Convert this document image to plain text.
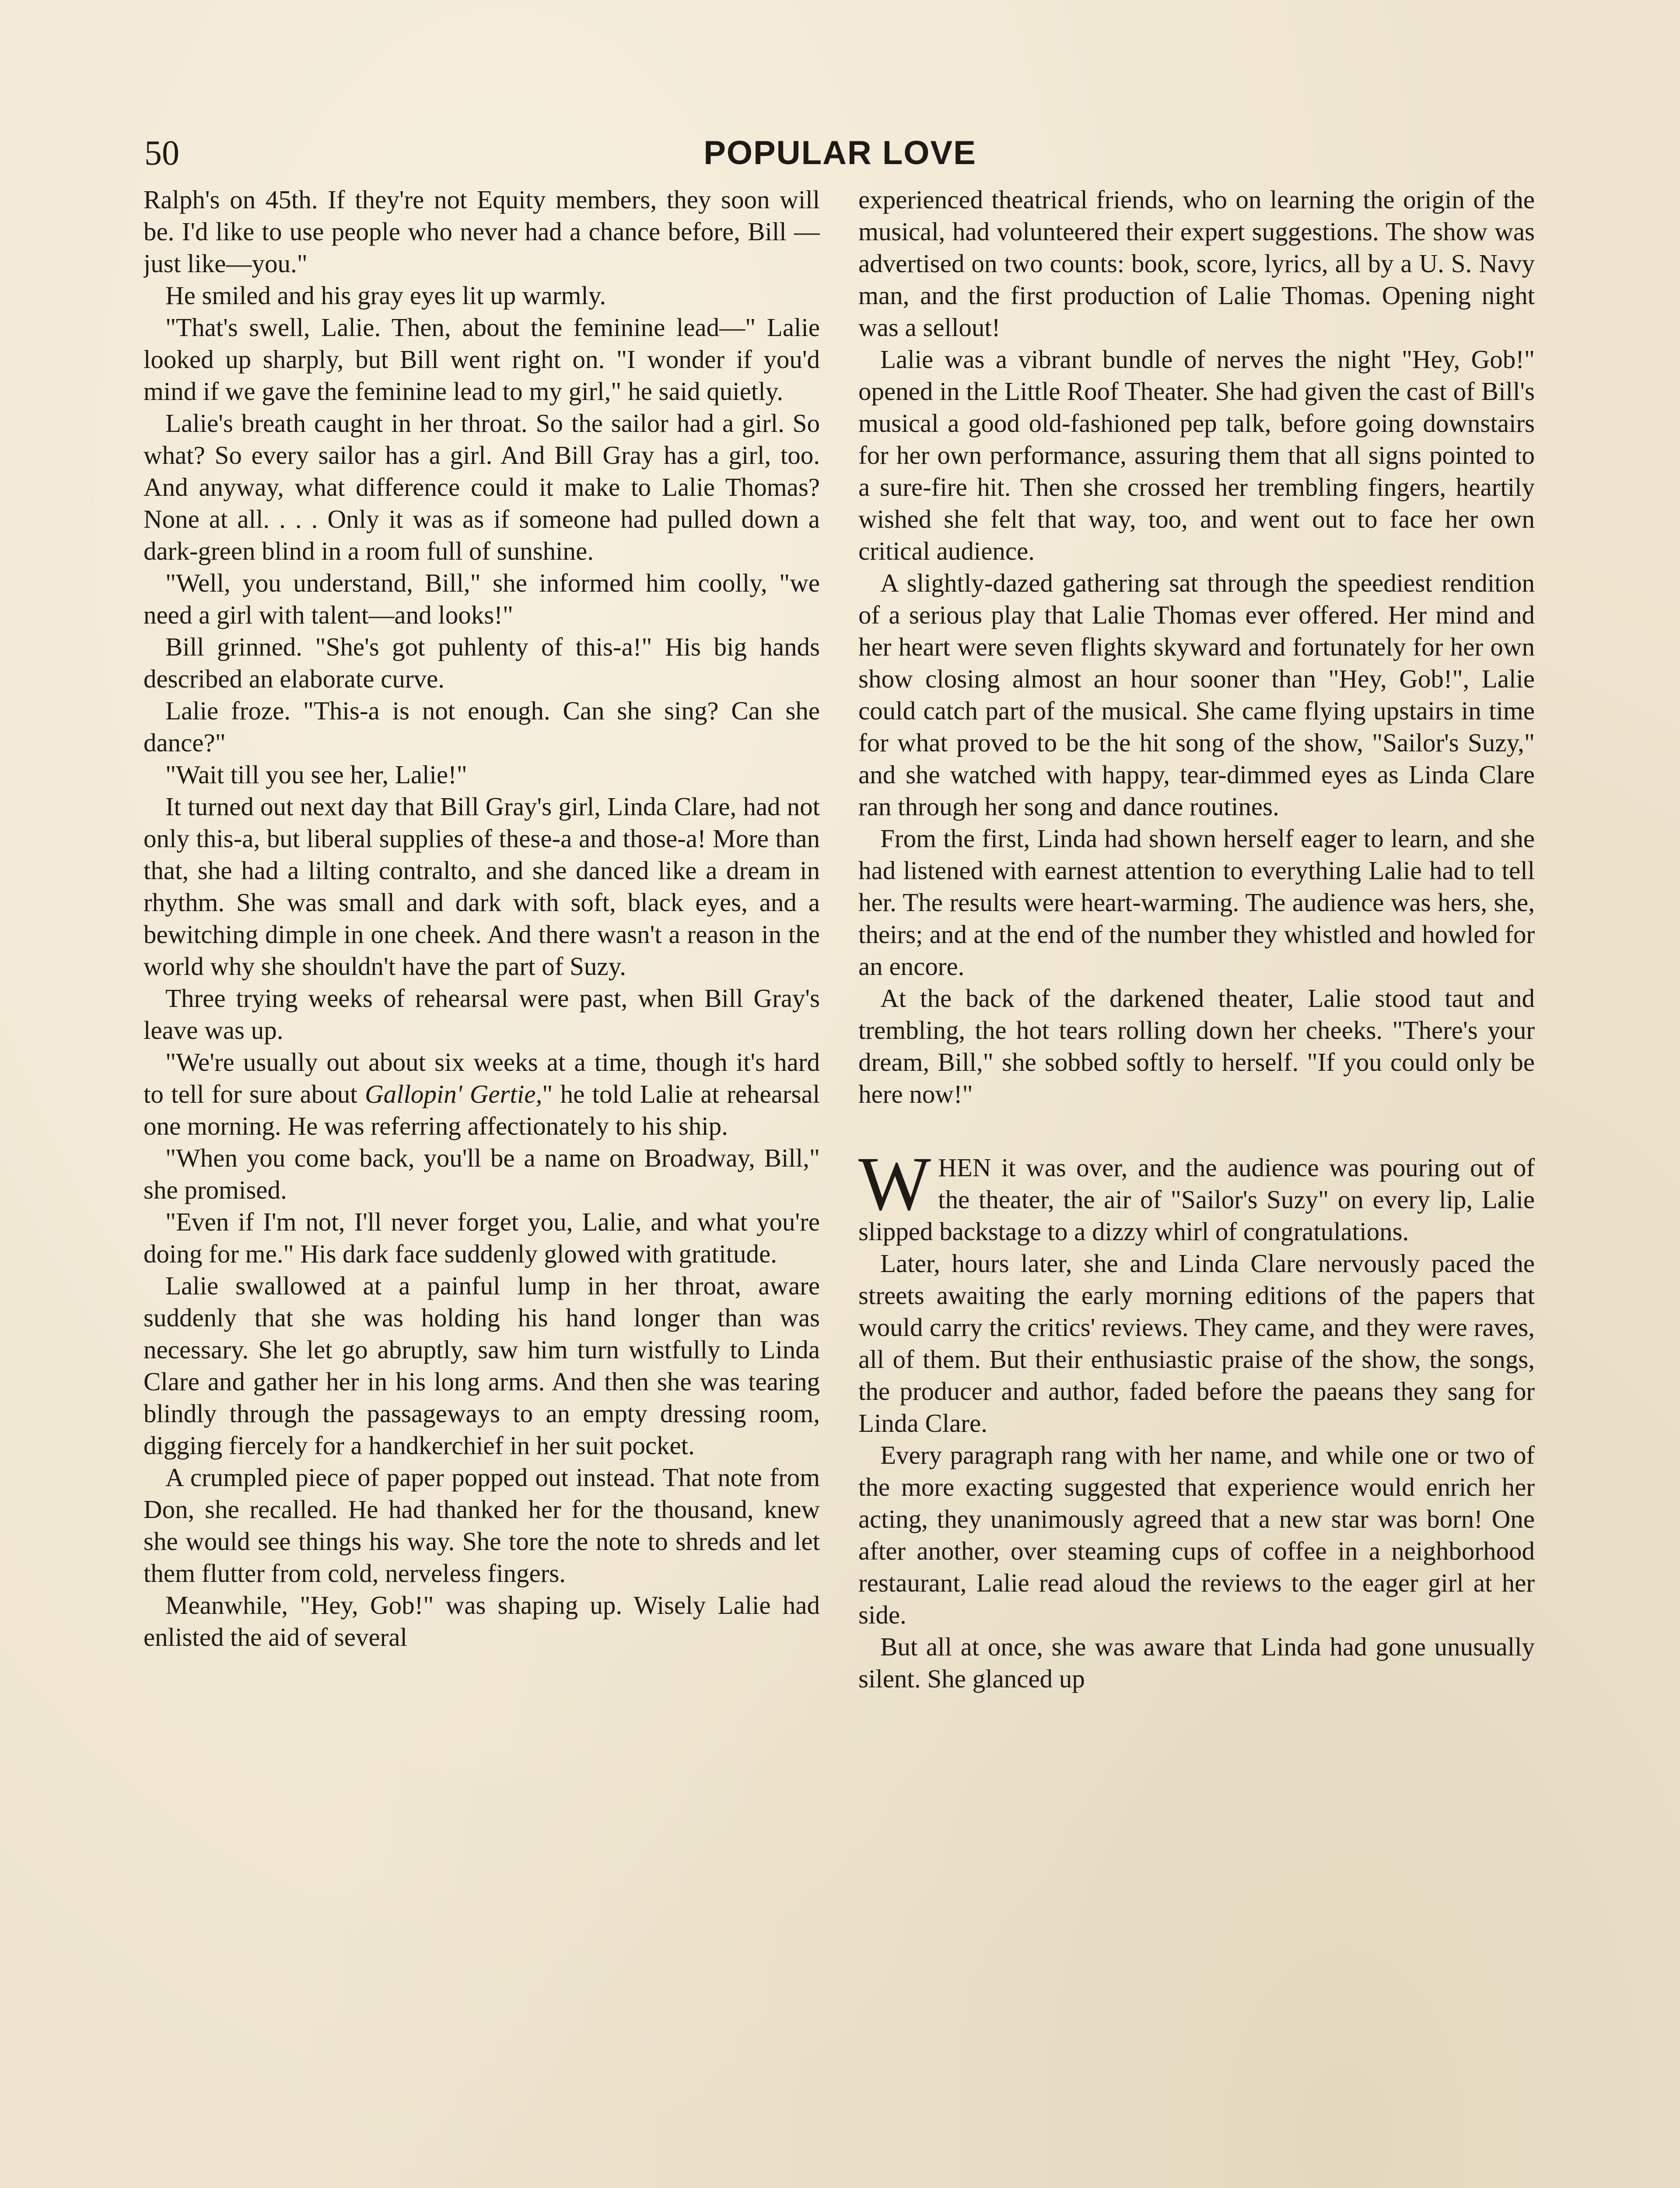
50	POPULAR LOVE

Ralph's on 45th. If they're not Equity members, they soon will be. I'd like to use people who never had a chance before, Bill —just like—you."

He smiled and his gray eyes lit up warmly.

"That's swell, Lalie. Then, about the feminine lead—" Lalie looked up sharply, but Bill went right on. "I wonder if you'd mind if we gave the feminine lead to my girl," he said quietly.

Lalie's breath caught in her throat. So the sailor had a girl. So what? So every sailor has a girl. And Bill Gray has a girl, too. And anyway, what difference could it make to Lalie Thomas? None at all. . . . Only it was as if someone had pulled down a dark-green blind in a room full of sunshine.

"Well, you understand, Bill," she informed him coolly, "we need a girl with talent—and looks!"

Bill grinned. "She's got puhlenty of this-a!" His big hands described an elaborate curve.

Lalie froze. "This-a is not enough. Can she sing? Can she dance?"

"Wait till you see her, Lalie!"

It turned out next day that Bill Gray's girl, Linda Clare, had not only this-a, but liberal supplies of these-a and those-a! More than that, she had a lilting contralto, and she danced like a dream in rhythm. She was small and dark with soft, black eyes, and a bewitching dimple in one cheek. And there wasn't a reason in the world why she shouldn't have the part of Suzy.

Three trying weeks of rehearsal were past, when Bill Gray's leave was up.

"We're usually out about six weeks at a time, though it's hard to tell for sure about Gallopin' Gertie," he told Lalie at rehearsal one morning. He was referring affectionately to his ship.

"When you come back, you'll be a name on Broadway, Bill," she promised.

"Even if I'm not, I'll never forget you, Lalie, and what you're doing for me." His dark face suddenly glowed with gratitude.

Lalie swallowed at a painful lump in her throat, aware suddenly that she was holding his hand longer than was necessary. She let go abruptly, saw him turn wistfully to Linda Clare and gather her in his long arms. And then she was tearing blindly through the passageways to an empty dressing room, digging fiercely for a handkerchief in her suit pocket.

A crumpled piece of paper popped out instead. That note from Don, she recalled. He had thanked her for the thousand, knew she would see things his way. She tore the note to shreds and let them flutter from cold, nerveless fingers.

Meanwhile, "Hey, Gob!" was shaping up. Wisely Lalie had enlisted the aid of several

experienced theatrical friends, who on learning the origin of the musical, had volunteered their expert suggestions. The show was advertised on two counts: book, score, lyrics, all by a U. S. Navy man, and the first production of Lalie Thomas. Opening night was a sellout!

Lalie was a vibrant bundle of nerves the night "Hey, Gob!" opened in the Little Roof Theater. She had given the cast of Bill's musical a good old-fashioned pep talk, before going downstairs for her own performance, assuring them that all signs pointed to a sure-fire hit. Then she crossed her trembling fingers, heartily wished she felt that way, too, and went out to face her own critical audience.

A slightly-dazed gathering sat through the speediest rendition of a serious play that Lalie Thomas ever offered. Her mind and her heart were seven flights skyward and fortunately for her own show closing almost an hour sooner than "Hey, Gob!", Lalie could catch part of the musical. She came flying upstairs in time for what proved to be the hit song of the show, "Sailor's Suzy," and she watched with happy, tear-dimmed eyes as Linda Clare ran through her song and dance routines.

From the first, Linda had shown herself eager to learn, and she had listened with earnest attention to everything Lalie had to tell her. The results were heart-warming. The audience was hers, she, theirs; and at the end of the number they whistled and howled for an encore.

At the back of the darkened theater, Lalie stood taut and trembling, the hot tears rolling down her cheeks. "There's your dream, Bill," she sobbed softly to herself. "If you could only be here now!"

WHEN it was over, and the audience was pouring out of the theater, the air of "Sailor's Suzy" on every lip, Lalie slipped backstage to a dizzy whirl of congratulations.

Later, hours later, she and Linda Clare nervously paced the streets awaiting the early morning editions of the papers that would carry the critics' reviews. They came, and they were raves, all of them. But their enthusiastic praise of the show, the songs, the producer and author, faded before the paeans they sang for Linda Clare.

Every paragraph rang with her name, and while one or two of the more exacting suggested that experience would enrich her acting, they unanimously agreed that a new star was born! One after another, over steaming cups of coffee in a neighborhood restaurant, Lalie read aloud the reviews to the eager girl at her side.

But all at once, she was aware that Linda had gone unusually silent. She glanced up
